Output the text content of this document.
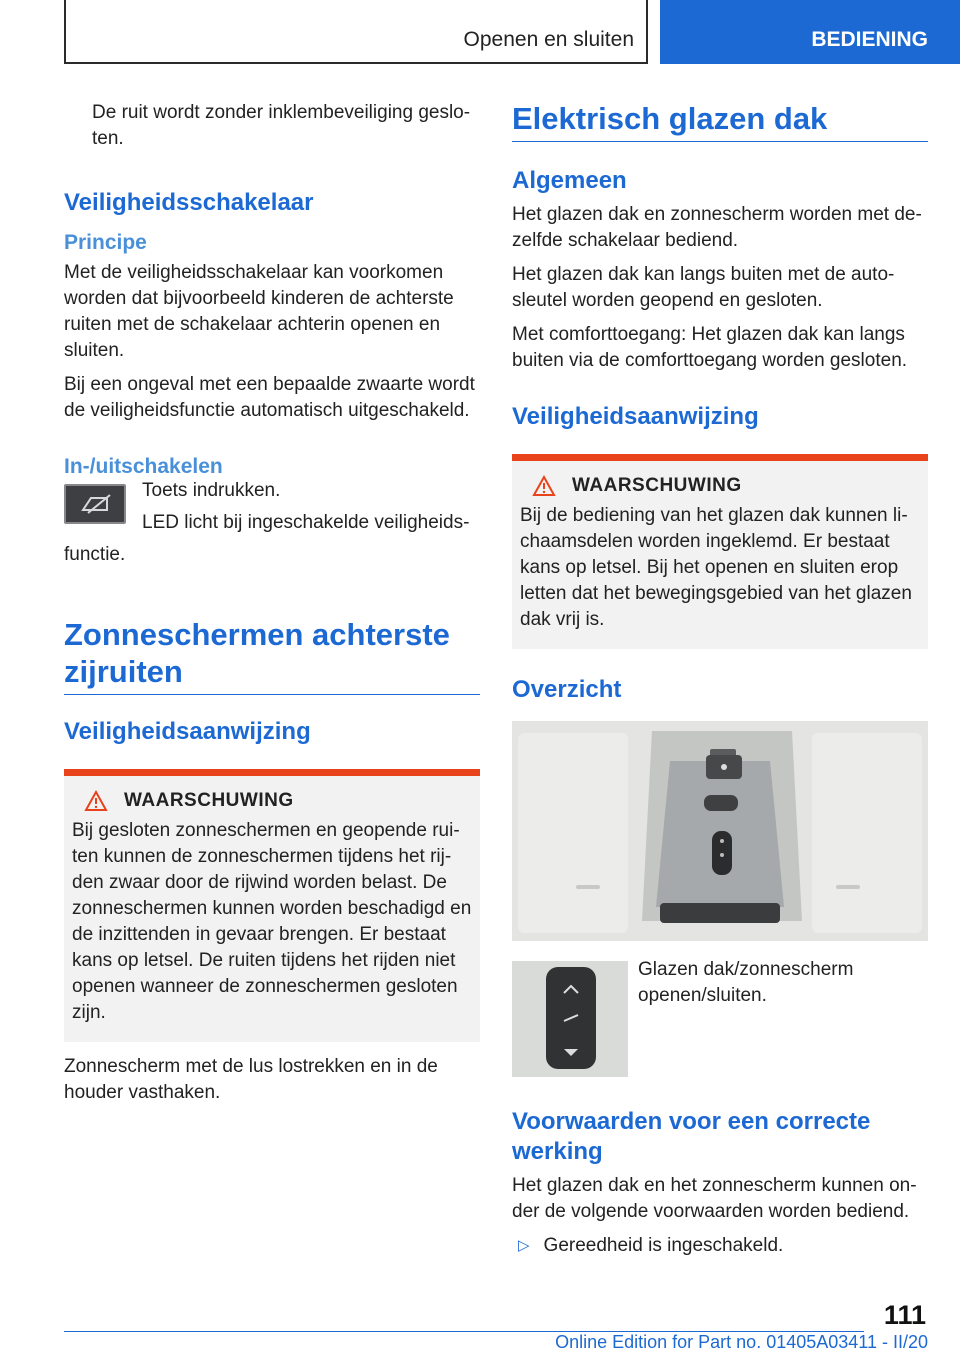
Openen en sluiten	BEDIENING

De ruit wordt zonder inklembeveiliging geslo-ten.

Veiligheidsschakelaar
Principe

Met de veiligheidsschakelaar kan voorkomen worden dat bijvoorbeeld kinderen de achterste ruiten met de schakelaar achterin openen en sluiten.

Bij een ongeval met een bepaalde zwaarte wordt de veiligheidsfunctie automatisch uitgeschakeld.

In-/uitschakelen

Toets indrukken.

LED licht bij ingeschakelde veiligheids-

functie.

Zonneschermen achterste zijruiten
Veiligheidsaanwijzing
WAARSCHUWING

Bij gesloten zonneschermen en geopende rui-ten kunnen de zonneschermen tijdens het rij-den zwaar door de rijwind worden belast. De zonneschermen kunnen worden beschadigd en de inzittenden in gevaar brengen. Er bestaat kans op letsel. De ruiten tijdens het rijden niet openen wanneer de zonneschermen gesloten zijn.

Zonnescherm met de lus lostrekken en in de houder vasthaken.

Elektrisch glazen dak
Algemeen

Het glazen dak en zonnescherm worden met de-zelfde schakelaar bediend.

Het glazen dak kan langs buiten met de auto-sleutel worden geopend en gesloten.

Met comforttoegang: Het glazen dak kan langs buiten via de comforttoegang worden gesloten.

Veiligheidsaanwijzing
WAARSCHUWING

Bij de bediening van het glazen dak kunnen li-chaamsdelen worden ingeklemd. Er bestaat kans op letsel. Bij het openen en sluiten erop letten dat het bewegingsgebied van het glazen dak vrij is.

Overzicht

Glazen dak/zonnescherm openen/sluiten.

Voorwaarden voor een correcte werking

Het glazen dak en het zonnescherm kunnen on-der de volgende voorwaarden worden bediend.

▷ Gereedheid is ingeschakeld.
111
Online Edition for Part no. 01405A03411 - II/20
